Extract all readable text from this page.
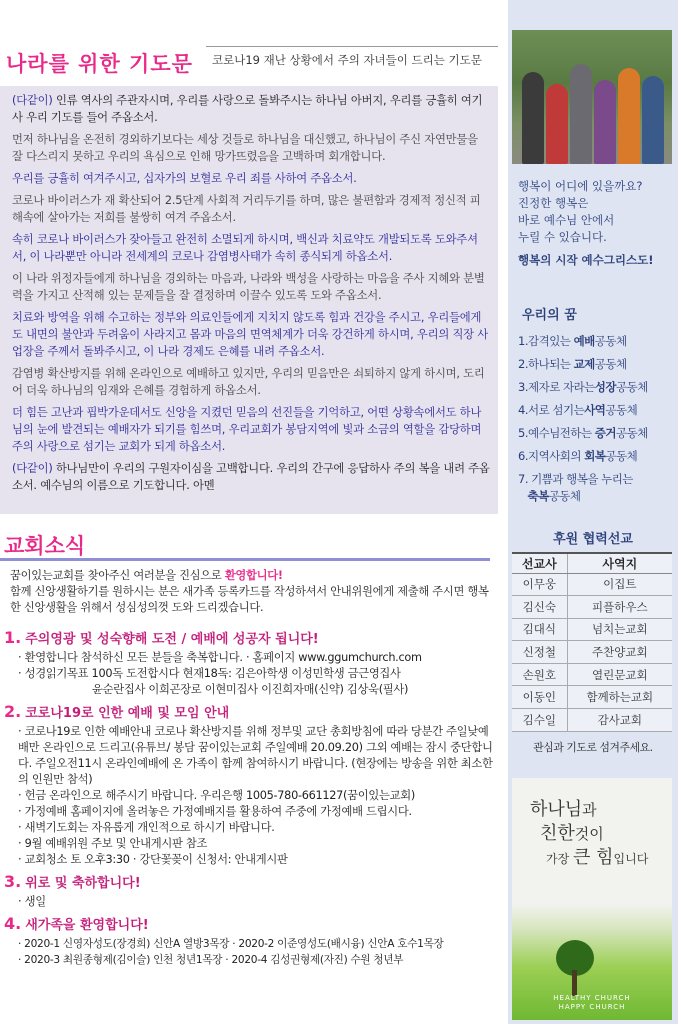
나라를 위한 기도문 코로나19 재난 상황에서 주의 자녀들이 드리는 기도문

(다같이) 인류 역사의 주관자시며, 우리를 사랑으로 돌봐주시는 하나님 아버지, 우리를 긍휼히 여기사 우리 기도를 들어 주옵소서.

먼저 하나님을 온전히 경외하기보다는 세상 것들로 하나님을 대신했고, 하나님이 주신 자연만물을 잘 다스리지 못하고 우리의 욕심으로 인해 망가뜨렸음을 고백하며 회개합니다.

우리를 긍휼히 여겨주시고, 십자가의 보혈로 우리 죄를 사하여 주옵소서.

코로나 바이러스가 재 확산되어 2.5단계 사회적 거리두기를 하며, 많은 불편함과 경제적 정신적 피해속에 살아가는 저희를 불쌍히 여겨 주옵소서.

속히 코로나 바이러스가 잦아들고 완전히 소멸되게 하시며, 백신과 치료약도 개발되도록 도와주셔서, 이 나라뿐만 아니라 전세계의 코로나 감염병사태가 속히 종식되게 하옵소서.

이 나라 위정자들에게 하나님을 경외하는 마음과, 나라와 백성을 사랑하는 마음을 주사 지혜와 분별력을 가지고 산적해 있는 문제들을 잘 결정하며 이끌수 있도록 도와 주옵소서.

치료와 방역을 위해 수고하는 정부와 의료인들에게 지치지 않도록 힘과 건강을 주시고, 우리들에게도 내면의 불안과 두려움이 사라지고 몸과 마음의 면역체계가 더욱 강건하게 하시며, 우리의 직장 사업장을 주께서 돌봐주시고, 이 나라 경제도 은혜를 내려 주옵소서.

감염병 확산방지를 위해 온라인으로 예배하고 있지만, 우리의 믿음만은 쇠퇴하지 않게 하시며, 도리어 더욱 하나님의 임재와 은혜를 경험하게 하옵소서.

더 힘든 고난과 핍박가운데서도 신앙을 지켰던 믿음의 선진들을 기억하고, 어떤 상황속에서도 하나님의 눈에 발견되는 예배자가 되기를 힘쓰며, 우리교회가 봉담지역에 빛과 소금의 역할을 감당하며 주의 사랑으로 섬기는 교회가 되게 하옵소서.

(다같이) 하나님만이 우리의 구원자이심을 고백합니다. 우리의 간구에 응답하사 주의 복을 내려 주옵소서. 예수님의 이름으로 기도합니다. 아멘

교회소식
꿈이있는교회를 찾아주신 여러분을 진심으로 환영합니다!
함께 신앙생활하기를 원하시는 분은 새가족 등록카드를 작성하셔서 안내위원에게 제출해 주시면 행복한 신앙생활을 위해서 성심성의껏 도와 드리겠습니다.
1. 주의영광 및 성숙향해 도전 / 예배에 성공자 됩니다!
· 환영합니다 참석하신 모든 분들을 축복합니다. · 홈페이지 www.ggumchurch.com
· 성경읽기목표 100독 도전합시다 현재18독: 김은아학생 이성민학생 금근영집사
윤순란집사 이희곤장로 이현미집사 이진희자매(신약) 김상욱(필사)
2. 코로나19로 인한 예배 및 모임 안내
· 코로나19로 인한 예배안내 코로나 확산방지를 위해 정부및 교단 총회방침에 따라 당분간 주일낮예배만 온라인으로 드리고(유튜브/ 봉담 꿈이있는교회 주일예배 20.09.20) 그외 예배는 잠시 중단합니다. 주일오전11시 온라인예배에 온 가족이 함께 참여하시기 바랍니다. (현장에는 방송을 위한 최소한의 인원만 참석)
· 헌금 온라인으로 해주시기 바랍니다. 우리은행 1005-780-661127(꿈이있는교회)
· 가정예배 홈페이지에 올려놓은 가정예배지를 활용하여 주중에 가정예배 드립시다.
· 새벽기도회는 자유롭게 개인적으로 하시기 바랍니다.
· 9월 예배위원 주보 및 안내게시판 참조
· 교회청소 토 오후3:30 · 강단꽃꽂이 신청서: 안내게시판
3. 위로 및 축하합니다!
· 생일
4. 새가족을 환영합니다!
· 2020-1 신영자성도(장경희) 신안A 열방3목장 · 2020-2 이준영성도(배시융) 신안A 호수1목장
· 2020-3 최원종형제(김이슬) 인천 청년1목장 · 2020-4 김성권형제(자진) 수원 청년부
행복이 어디에 있을까요?
진정한 행복은
바로 예수님 안에서
누릴 수 있습니다.
행복의 시작 예수그리스도!
우리의 꿈
1.감격있는 예배공동체
2.하나되는 교제공동체
3.제자로 자라는성장공동체
4.서로 섬기는사역공동체
5.예수님전하는 증거공동체
6.지역사회의 회복공동체
7. 기쁨과 행복을 누리는
축복공동체
후원 협력선교
선교사	사역지
이무웅	이집트
김신숙	피플하우스
김대식	넘치는교회
신정철	주찬양교회
손원호	열린문교회
이동인	함께하는교회
김수일	감사교회
관심과 기도로 섬겨주세요.
하나님과
친한것이
가장 큰 힘입니다
HEALTHY CHURCH
HAPPY CHURCH
